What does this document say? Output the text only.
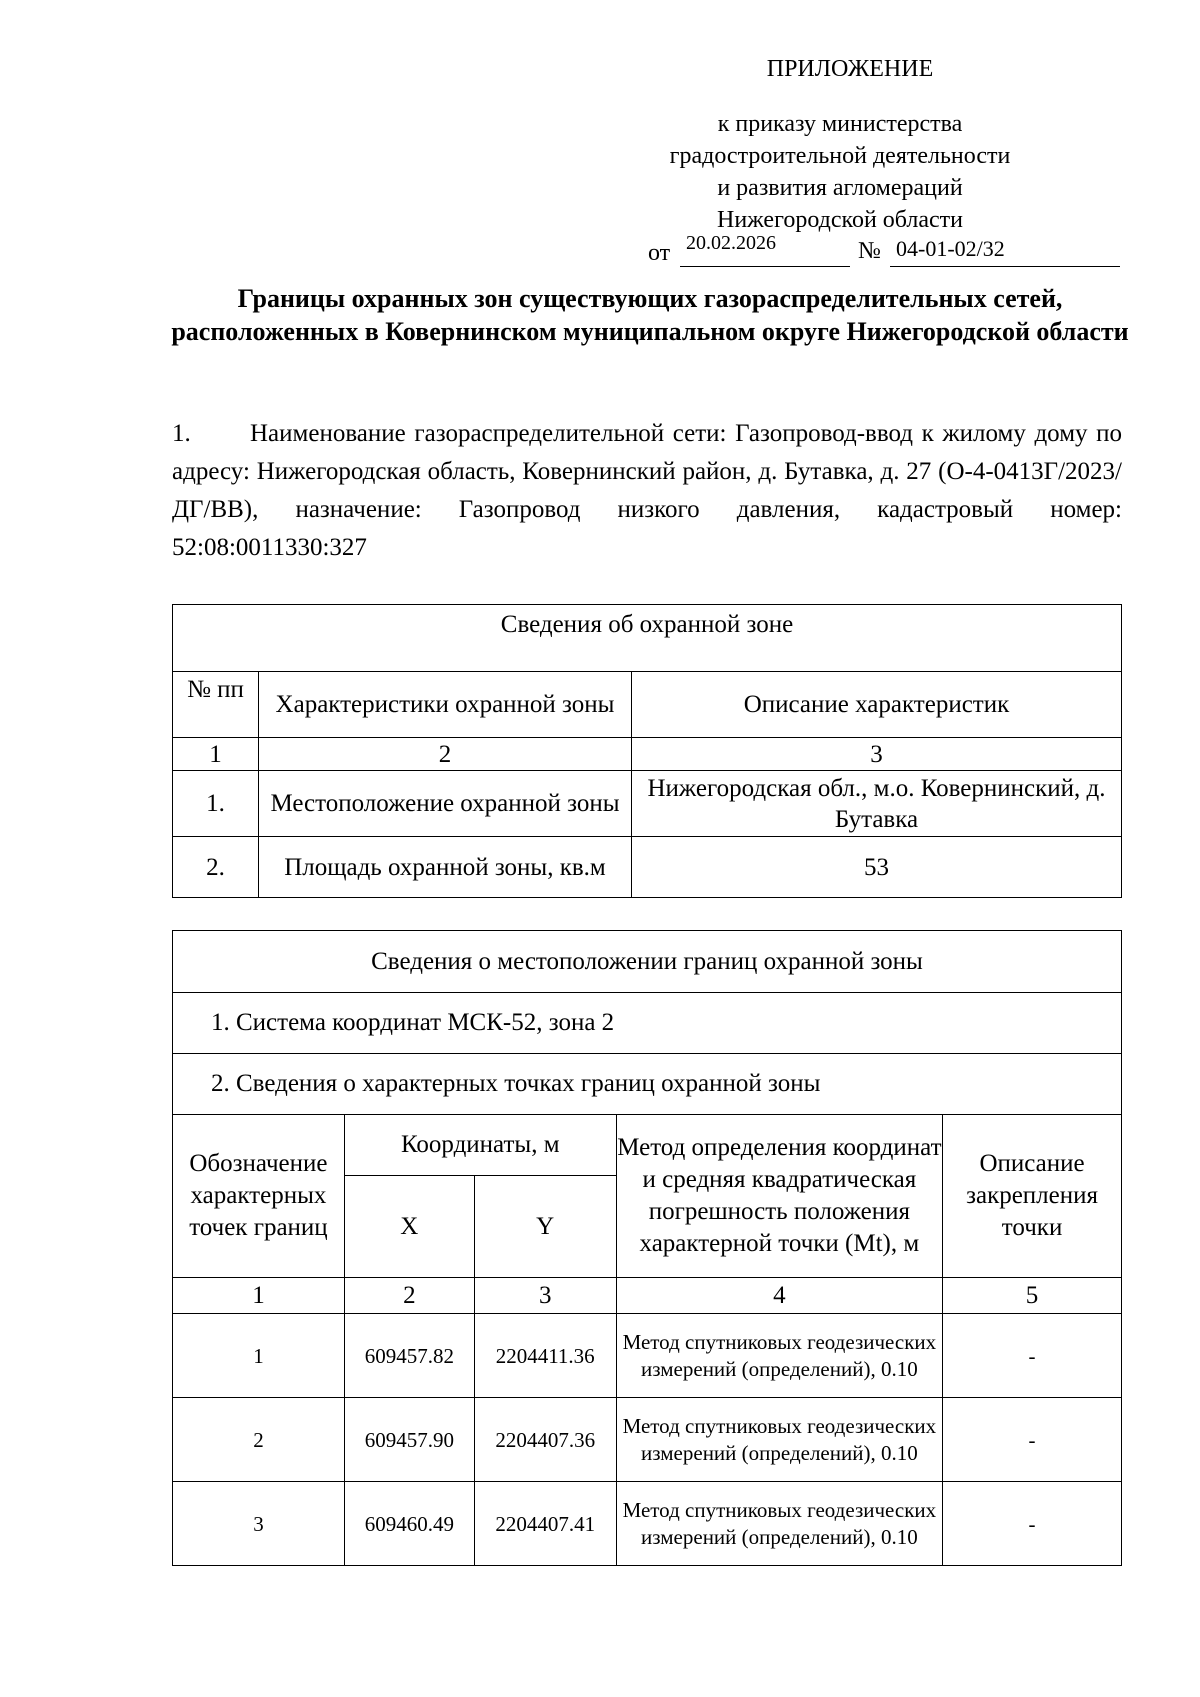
ПРИЛОЖЕНИЕ
к приказу министерства
градостроительной деятельности
и развития агломераций
Нижегородской области
от 20.02.2026	№ 04-01-02/32
Границы охранных зон существующих газораспределительных сетей, расположенных в Ковернинском муниципальном округе Нижегородской области
1. Наименование газораспределительной сети: Газопровод-ввод к жилому дому по адресу: Нижегородская область, Ковернинский район, д. Бутавка, д. 27 (О-4-0413Г/2023/ДГ/ВВ), назначение: Газопровод низкого давления, кадастровый номер: 52:08:0011330:327
Сведения об охранной зоне		
№ пп	Характеристики охранной зоны	Описание характеристик
1	2	3
1.	Местоположение охранной зоны	Нижегородская обл., м.о. Ковернинский, д. Бутавка
2.	Площадь охранной зоны, кв.м	53
Сведения о местоположении границ охранной зоны				
1. Система координат МСК-52, зона 2				
2. Сведения о характерных точках границ охранной зоны				
Обозначение характерных точек границ	Координаты, м		Метод определения координат и средняя квадратическая погрешность положения характерной точки (Mt), м	Описание закрепления точки
	X	Y		
1	2	3	4	5
1	609457.82	2204411.36	Метод спутниковых геодезических измерений (определений), 0.10	-
2	609457.90	2204407.36	Метод спутниковых геодезических измерений (определений), 0.10	-
3	609460.49	2204407.41	Метод спутниковых геодезических измерений (определений), 0.10	-
